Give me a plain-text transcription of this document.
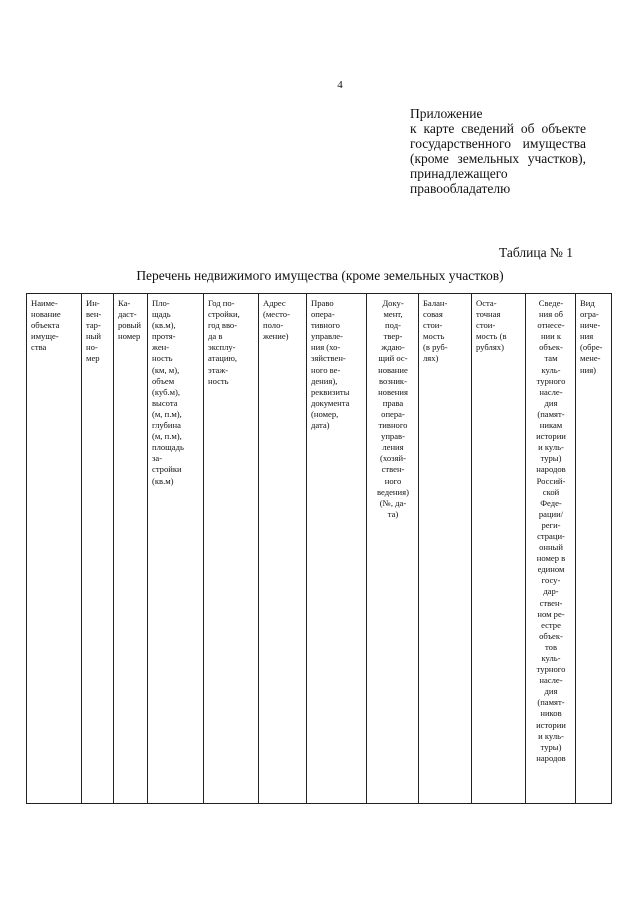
4
Приложение
к карте сведений об объекте государственного имущества (кроме земельных участков), принадлежащего правообладателю
Таблица № 1
Перечень недвижимого имущества (кроме земельных участков)
Наиме-
нование
объекта
имуще-
ства	Ин-
вен-
тар-
ный
но-
мер	Ка-
даст-
ровый
номер	Пло-
щадь
(кв.м),
протя-
жен-
ность
(км, м),
объем
(куб.м),
высота
(м, п.м),
глубина
(м, п.м),
площадь
за-
стройки
(кв.м)	Год по-
стройки,
год вво-
да в
эксплу-
атацию,
этаж-
ность	Адрес
(место-
поло-
жение)	Право
опера-
тивного
управле-
ния (хо-
зяйствен-
ного ве-
дения),
реквизиты
документа
(номер,
дата)	Доку-
мент,
под-
твер-
ждаю-
щий ос-
нование
возник-
новения
права
опера-
тивного
управ-
ления
(хозяй-
ствен-
ного
ведения)
(№, да-
та)	Балан-
совая
стои-
мость
(в руб-
лях)	Оста-
точная
стои-
мость (в
рублях)	Сведе-
ния об
отнесе-
нии к
объек-
там
куль-
турного
насле-
дия
(памят-
никам
истории
и куль-
туры)
народов
Россий-
ской
Феде-
рации/
реги-
страци-
онный
номер в
едином
госу-
дар-
ствен-
ном ре-
естре
объек-
тов
куль-
турного
насле-
дия
(памят-
ников
истории
и куль-
туры)
народов	Вид
огра-
ниче-
ния
(обре-
мене-
ния)
